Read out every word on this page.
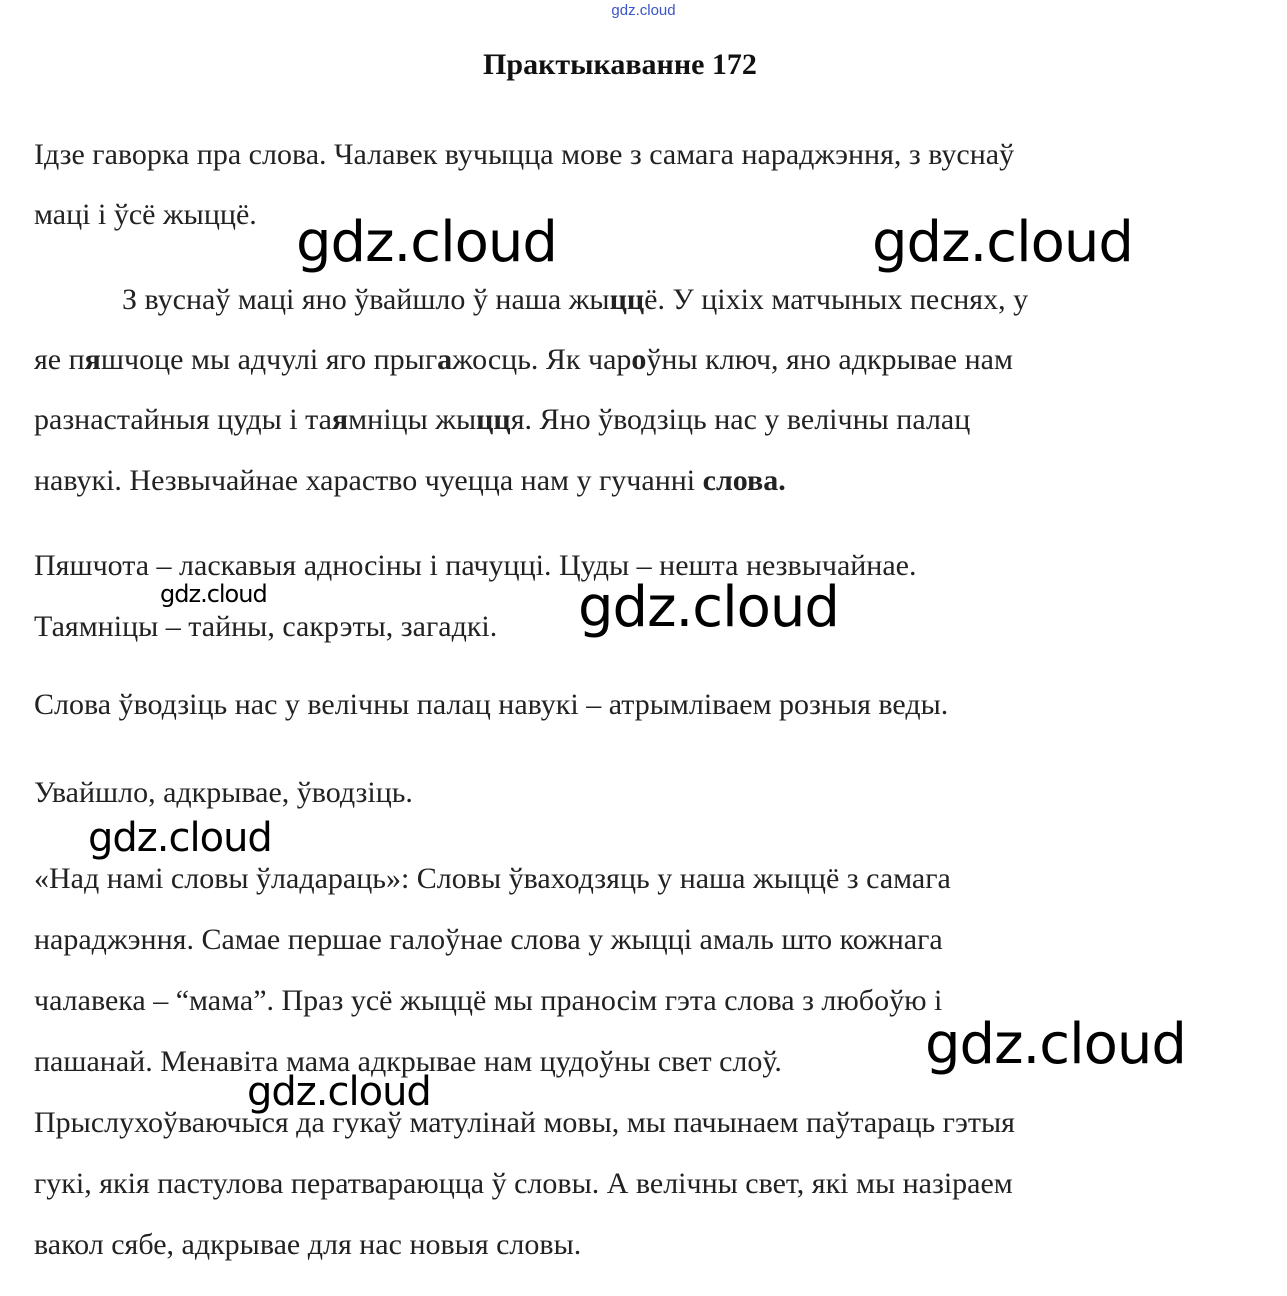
gdz.cloud
Практыкаванне 172
Ідзе гаворка пра слова. Чалавек вучыцца мове з самага нараджэння, з вуснаў
маці і ўсё жыццё.
З вуснаў маці яно ўвайшло ў наша жыццё. У ціхіх матчыных песнях, у
яе пяшчоце мы адчулі яго прыгажосць. Як чароўны ключ, яно адкрывае нам
разнастайныя цуды і таямніцы жыцця. Яно ўводзіць нас у велічны палац
навукі. Незвычайнае хараство чуецца нам у гучанні слова.
Пяшчота – ласкавыя адносіны і пачуцці. Цуды – нешта незвычайнае.
Таямніцы – тайны, сакрэты, загадкі.
Слова ўводзіць нас у велічны палац навукі – атрымліваем розныя веды.
Увайшло, адкрывае, ўводзіць.
«Над намі словы ўладараць»: Словы ўваходзяць у наша жыццё з самага
нараджэння. Самае першае галоўнае слова у жыцці амаль што кожнага
чалавека – “мама”. Праз усё жыццё мы праносім гэта слова з любоўю і
пашанай. Менавіта мама адкрывае нам цудоўны свет слоў.
Прыслухоўваючыся да гукаў матулінай мовы, мы пачынаем паўтараць гэтыя
гукі, якія пастулова ператвараюцца ў словы. А велічны свет, які мы назіраем
вакол сябе, адкрывае для нас новыя словы.
gdz.cloud	gdz.cloud
gdz.cloud	gdz.cloud
gdz.cloud
gdz.cloud
gdz.cloud
